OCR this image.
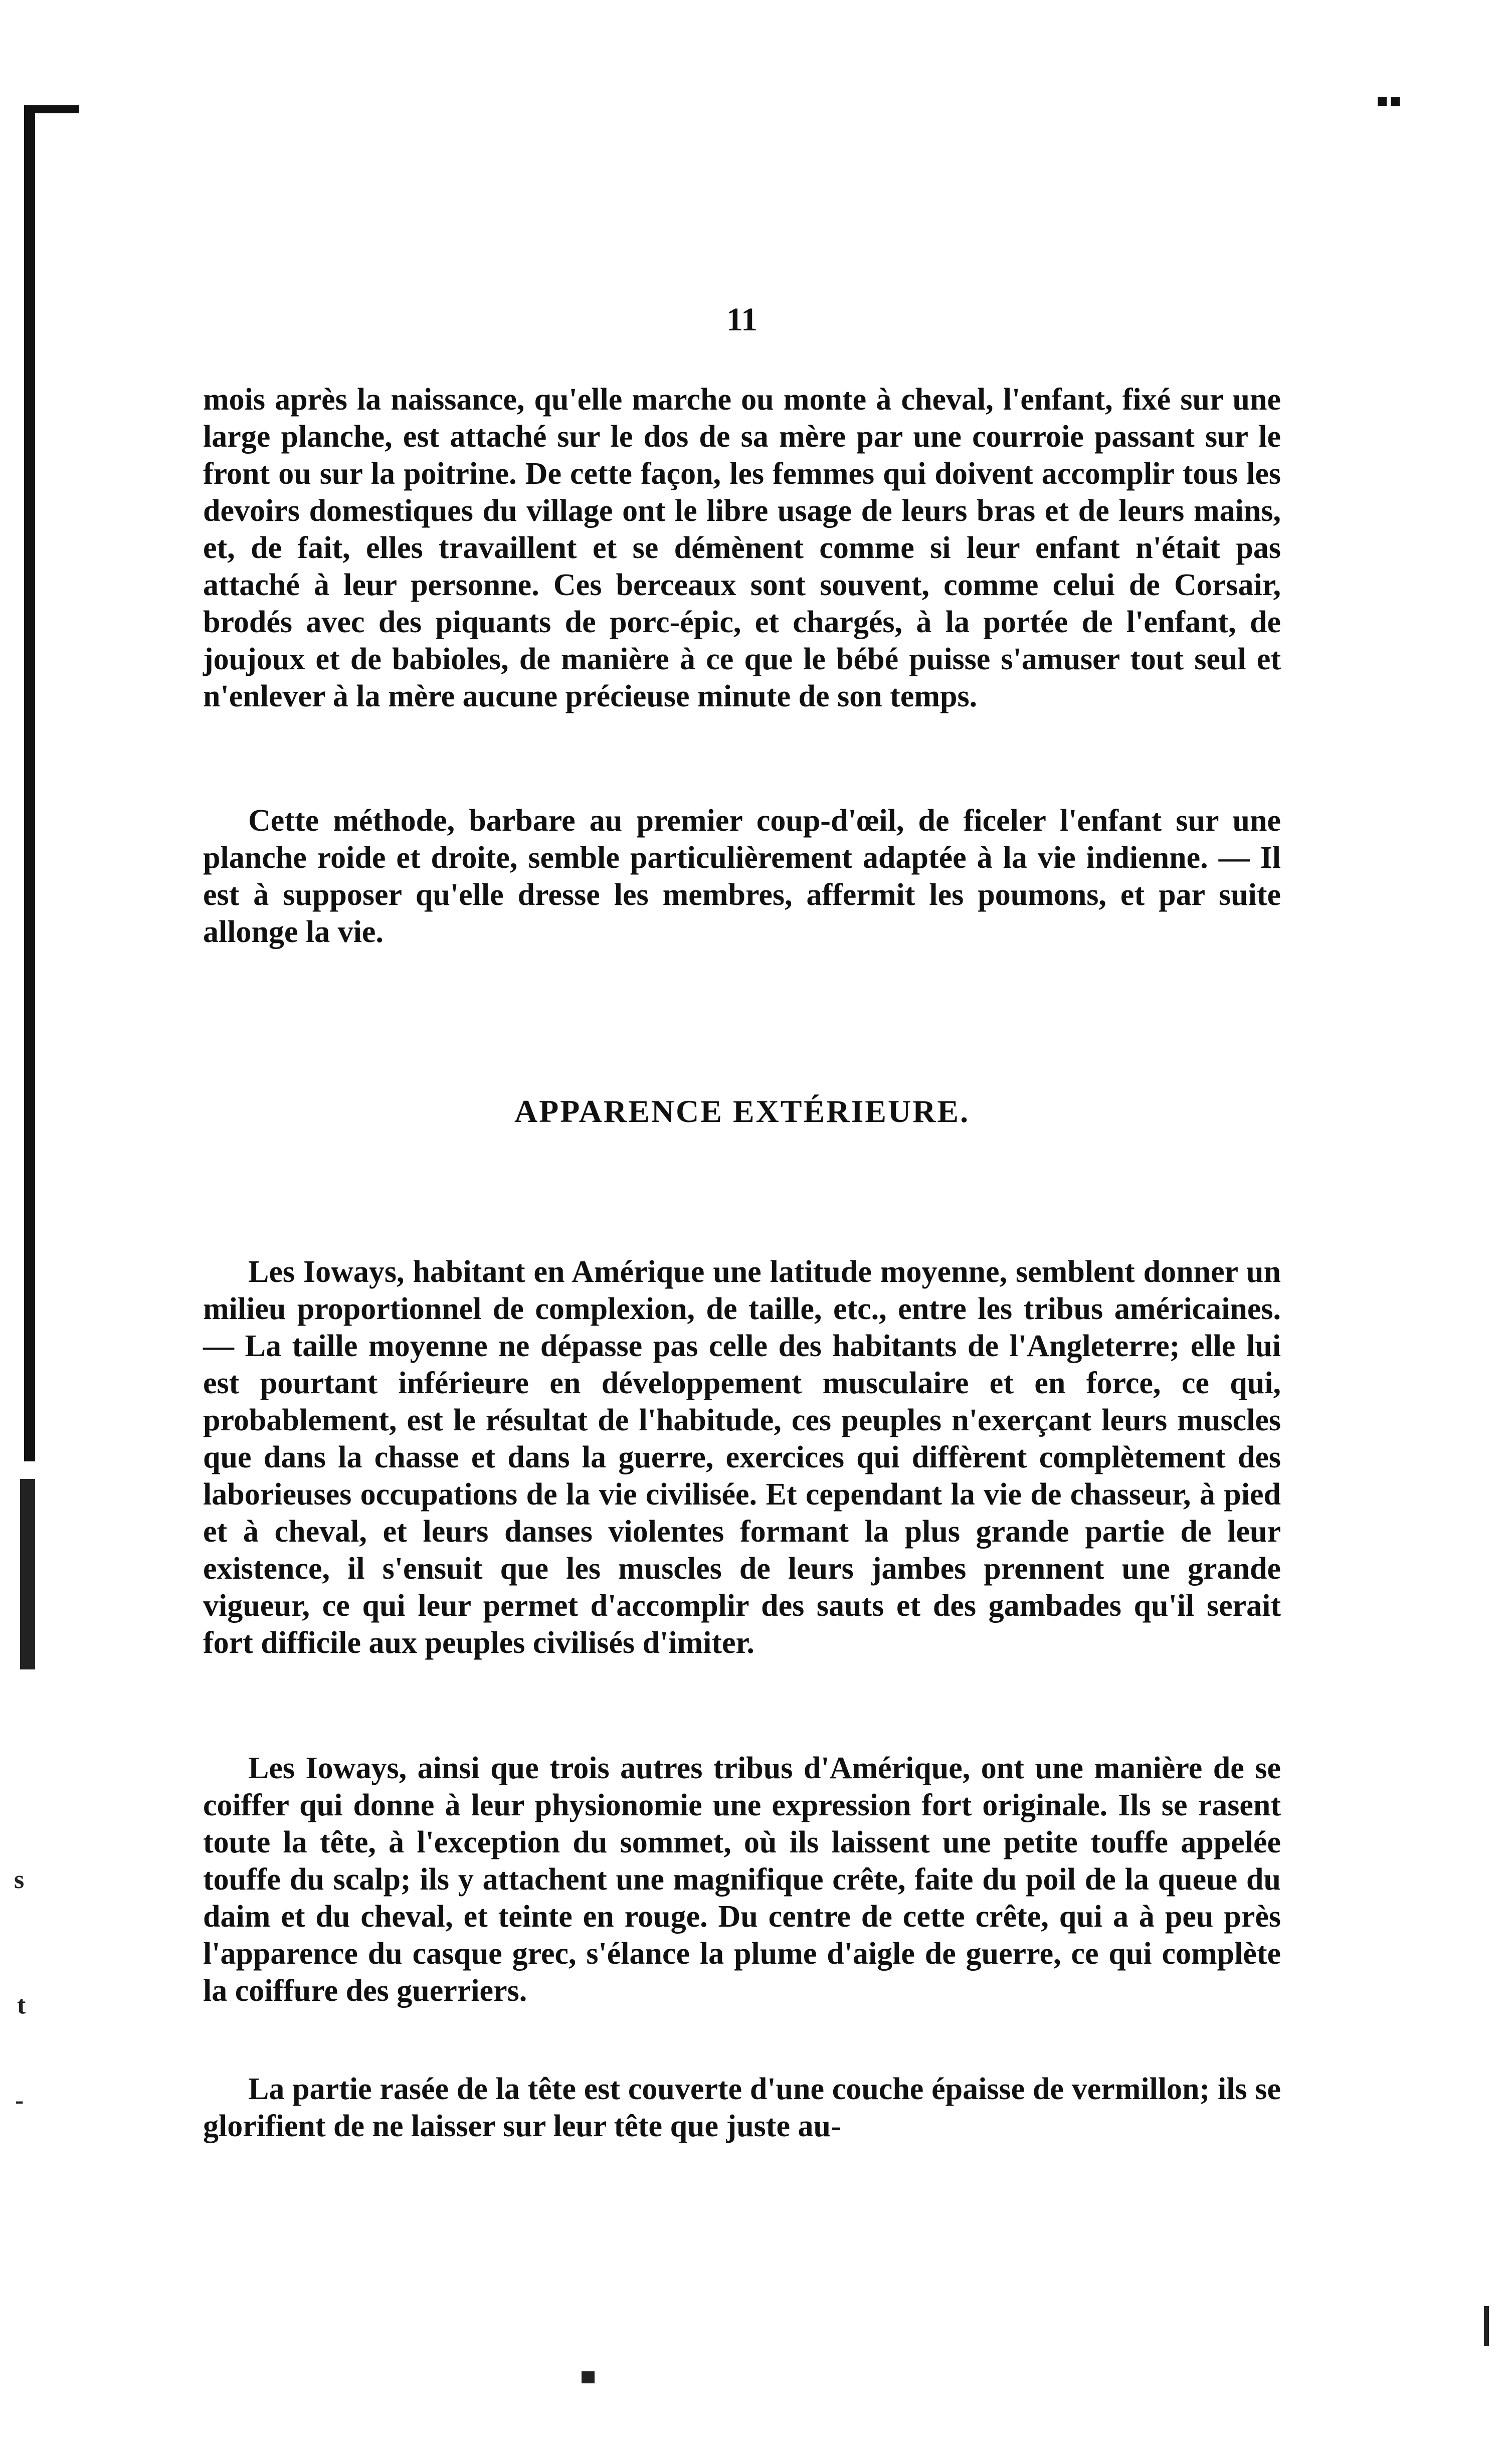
▪▪
11

mois après la naissance, qu'elle marche ou monte à cheval, l'enfant, fixé sur une large planche, est attaché sur le dos de sa mère par une courroie passant sur le front ou sur la poitrine. De cette façon, les femmes qui doivent accomplir tous les devoirs domestiques du village ont le libre usage de leurs bras et de leurs mains, et, de fait, elles travaillent et se démènent comme si leur enfant n'était pas attaché à leur personne. Ces berceaux sont souvent, comme celui de Corsair, brodés avec des piquants de porc-épic, et chargés, à la portée de l'enfant, de joujoux et de babioles, de manière à ce que le bébé puisse s'amuser tout seul et n'enlever à la mère aucune précieuse minute de son temps.

Cette méthode, barbare au premier coup-d'œil, de ficeler l'enfant sur une planche roide et droite, semble particulièrement adaptée à la vie indienne. — Il est à supposer qu'elle dresse les membres, affermit les poumons, et par suite allonge la vie.

APPARENCE EXTÉRIEURE.

Les Ioways, habitant en Amérique une latitude moyenne, semblent donner un milieu proportionnel de complexion, de taille, etc., entre les tribus américaines. — La taille moyenne ne dépasse pas celle des habitants de l'Angleterre; elle lui est pourtant inférieure en développement musculaire et en force, ce qui, probablement, est le résultat de l'habitude, ces peuples n'exerçant leurs muscles que dans la chasse et dans la guerre, exercices qui diffèrent complètement des laborieuses occupations de la vie civilisée. Et cependant la vie de chasseur, à pied et à cheval, et leurs danses violentes formant la plus grande partie de leur existence, il s'ensuit que les muscles de leurs jambes prennent une grande vigueur, ce qui leur permet d'accomplir des sauts et des gambades qu'il serait fort difficile aux peuples civilisés d'imiter.

Les Ioways, ainsi que trois autres tribus d'Amérique, ont une manière de se coiffer qui donne à leur physionomie une expression fort originale. Ils se rasent toute la tête, à l'exception du sommet, où ils laissent une petite touffe appelée touffe du scalp; ils y attachent une magnifique crête, faite du poil de la queue du daim et du cheval, et teinte en rouge. Du centre de cette crête, qui a à peu près l'apparence du casque grec, s'élance la plume d'aigle de guerre, ce qui complète la coiffure des guerriers.

La partie rasée de la tête est couverte d'une couche épaisse de vermillon; ils se glorifient de ne laisser sur leur tête que juste au-

s
t
-
